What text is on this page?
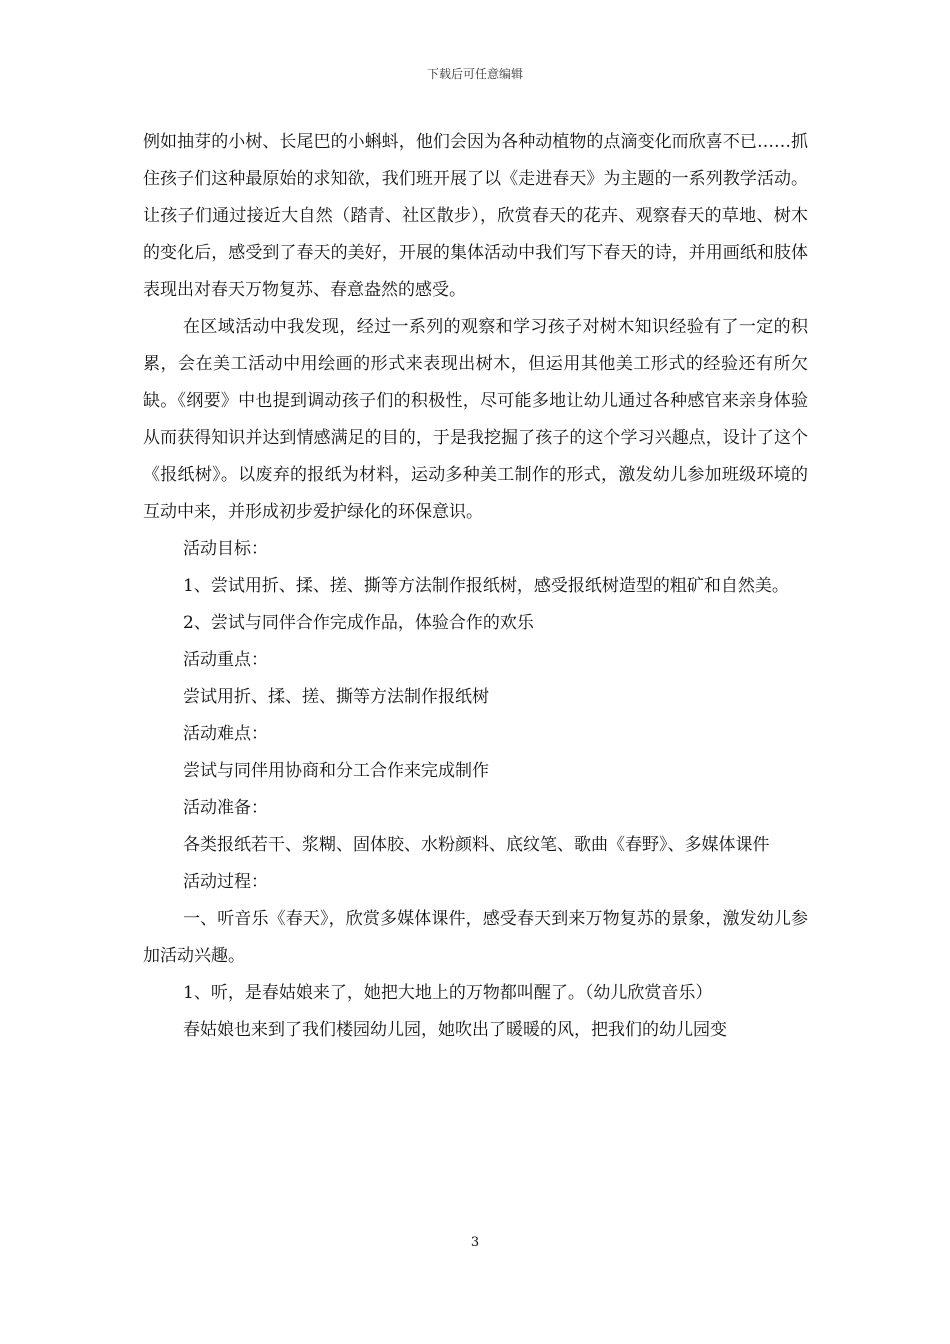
下载后可任意编辑

例如抽芽的小树、长尾巴的小蝌蚪，他们会因为各种动植物的点滴变化而欣喜不已……抓住孩子们这种最原始的求知欲，我们班开展了以《走进春天》为主题的一系列教学活动。让孩子们通过接近大自然（踏青、社区散步），欣赏春天的花卉、观察春天的草地、树木的变化后，感受到了春天的美好，开展的集体活动中我们写下春天的诗，并用画纸和肢体表现出对春天万物复苏、春意盎然的感受。

在区域活动中我发现，经过一系列的观察和学习孩子对树木知识经验有了一定的积累，会在美工活动中用绘画的形式来表现出树木，但运用其他美工形式的经验还有所欠缺。《纲要》中也提到调动孩子们的积极性，尽可能多地让幼儿通过各种感官来亲身体验从而获得知识并达到情感满足的目的，于是我挖掘了孩子的这个学习兴趣点，设计了这个《报纸树》。以废弃的报纸为材料，运动多种美工制作的形式，激发幼儿参加班级环境的互动中来，并形成初步爱护绿化的环保意识。

活动目标：

1、尝试用折、揉、搓、撕等方法制作报纸树，感受报纸树造型的粗矿和自然美。

2、尝试与同伴合作完成作品，体验合作的欢乐

活动重点：

尝试用折、揉、搓、撕等方法制作报纸树

活动难点：

尝试与同伴用协商和分工合作来完成制作

活动准备：

各类报纸若干、浆糊、固体胶、水粉颜料、底纹笔、歌曲《春野》、多媒体课件

活动过程：

一、听音乐《春天》，欣赏多媒体课件，感受春天到来万物复苏的景象，激发幼儿参加活动兴趣。

1、听，是春姑娘来了，她把大地上的万物都叫醒了。（幼儿欣赏音乐）

春姑娘也来到了我们楼园幼儿园，她吹出了暖暖的风，把我们的幼儿园变

3
